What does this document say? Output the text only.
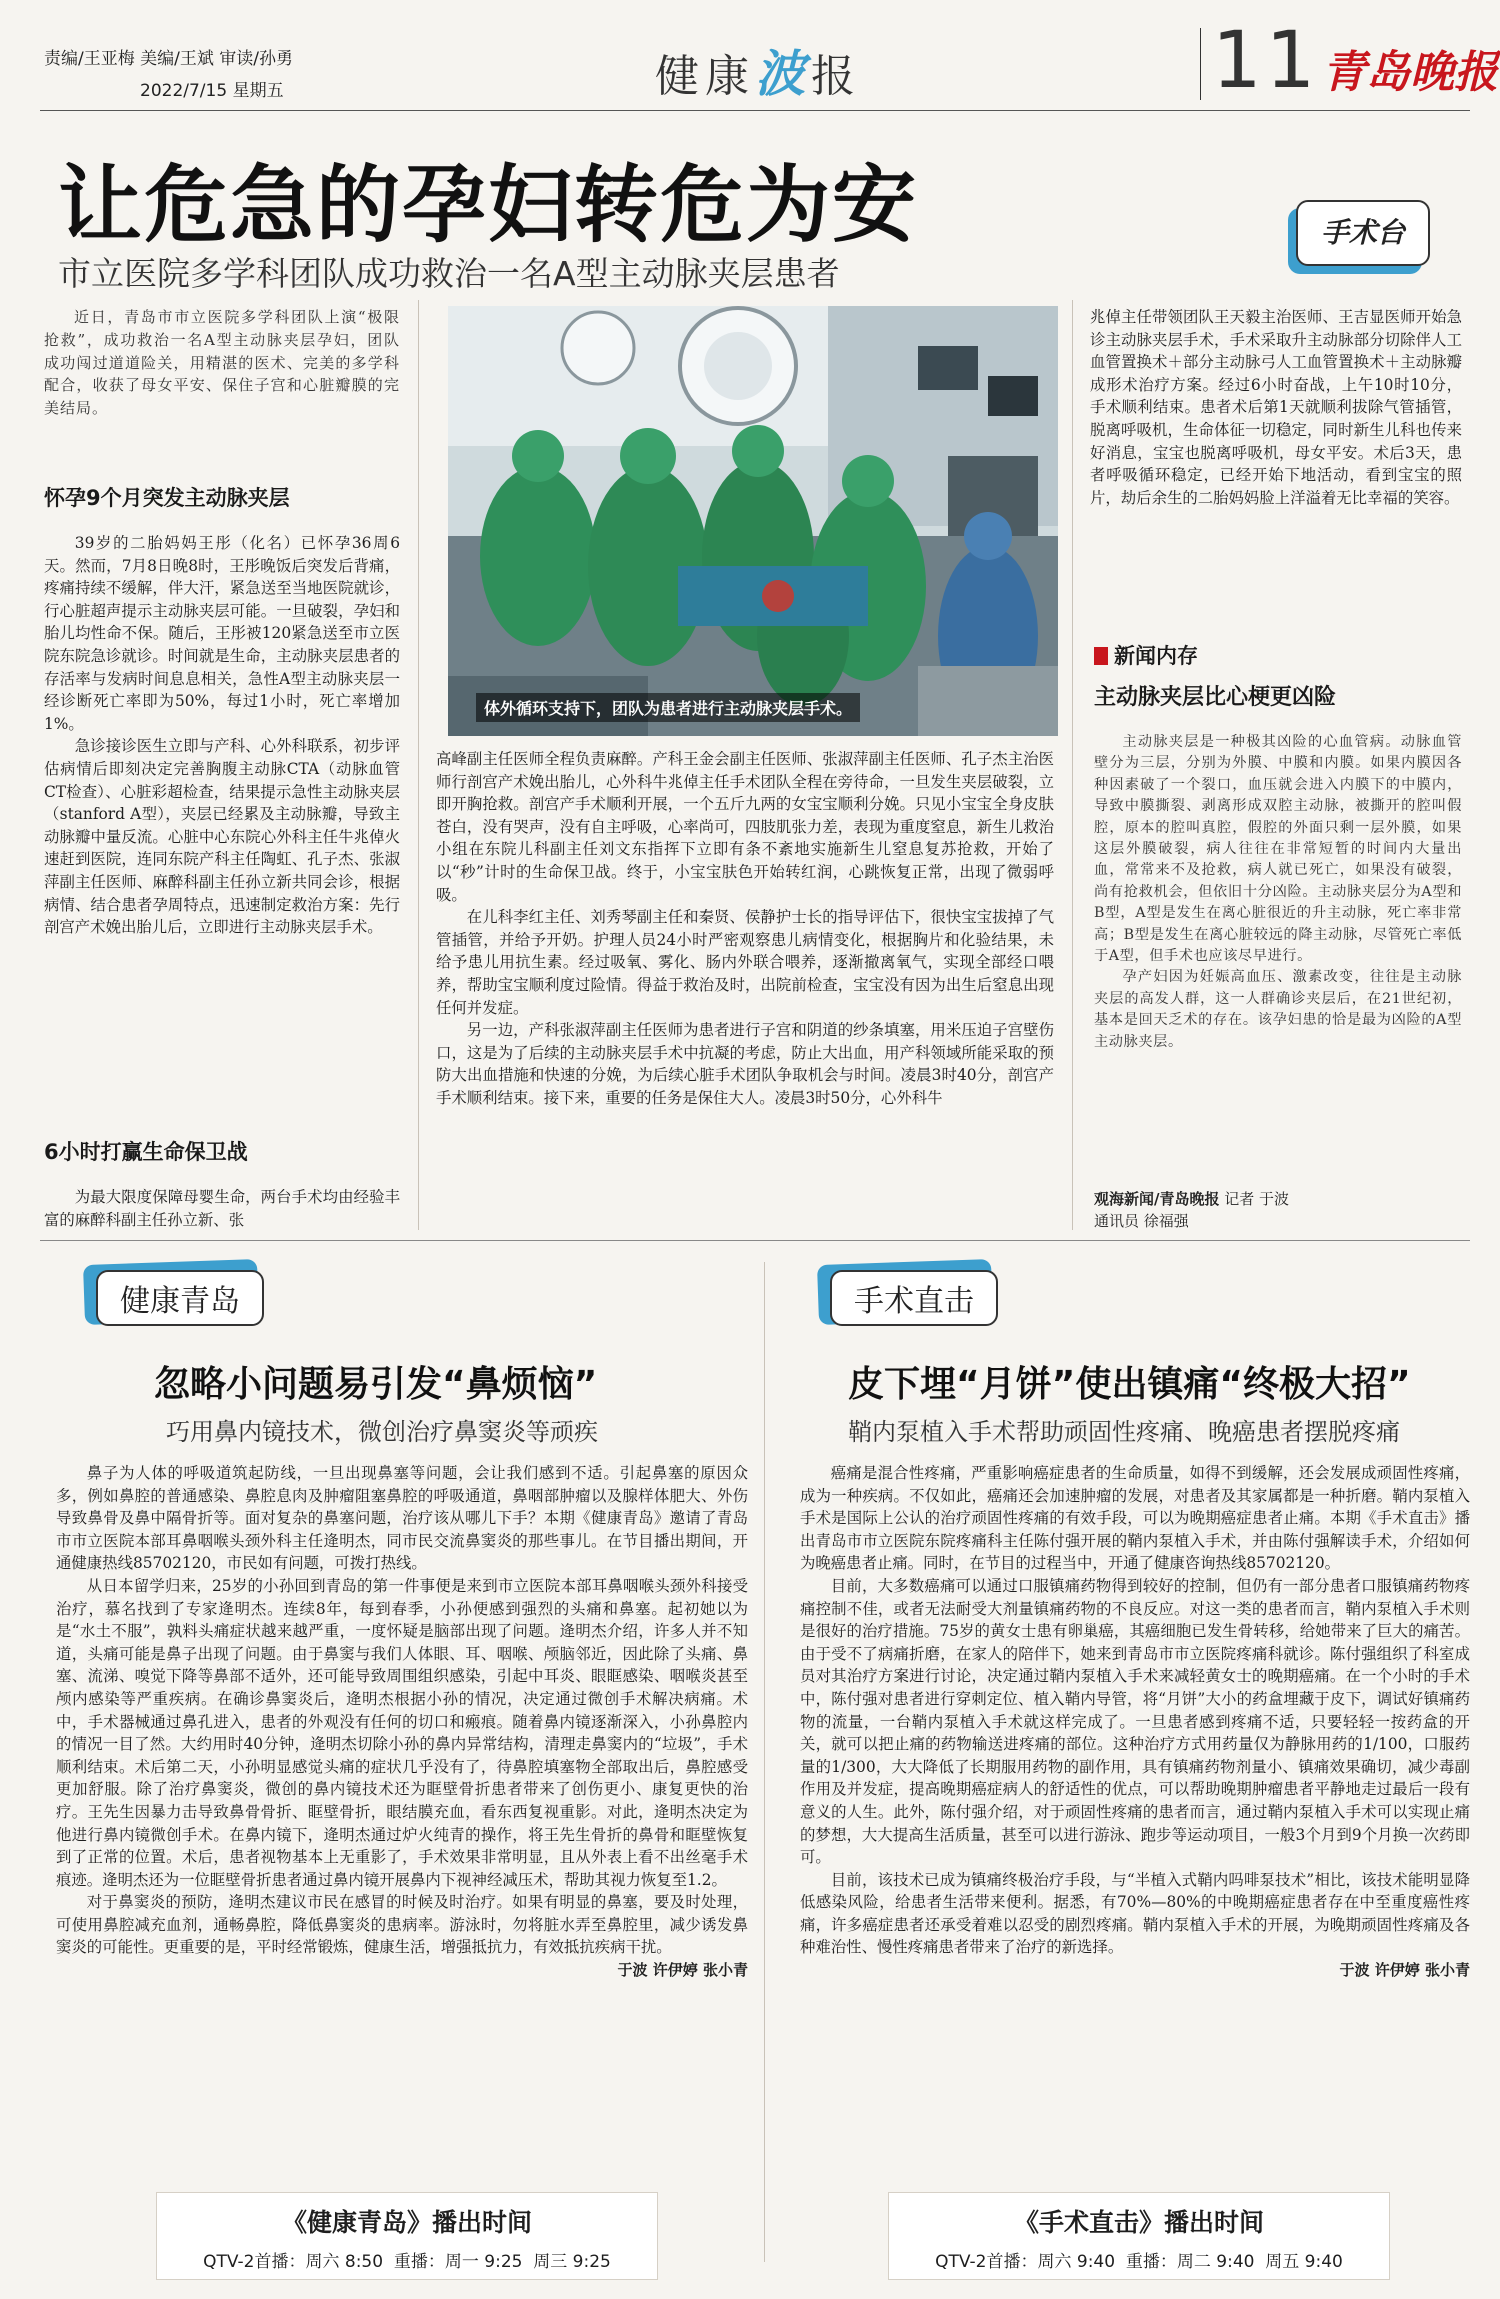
责编/王亚梅 美编/王斌 审读/孙勇
2022/7/15 星期五	健康波报	11 青岛晚报
让危急的孕妇转危为安
市立医院多学科团队成功救治一名A型主动脉夹层患者
手术台

近日，青岛市市立医院多学科团队上演“极限抢救”，成功救治一名A型主动脉夹层孕妇，团队成功闯过道道险关，用精湛的医术、完美的多学科配合，收获了母女平安、保住子宫和心脏瓣膜的完美结局。

怀孕9个月突发主动脉夹层

39岁的二胎妈妈王彤（化名）已怀孕36周6天。然而，7月8日晚8时，王彤晚饭后突发后背痛，疼痛持续不缓解，伴大汗，紧急送至当地医院就诊，行心脏超声提示主动脉夹层可能。一旦破裂，孕妇和胎儿均性命不保。随后，王彤被120紧急送至市立医院东院急诊就诊。时间就是生命，主动脉夹层患者的存活率与发病时间息息相关，急性A型主动脉夹层一经诊断死亡率即为50%，每过1小时，死亡率增加1%。

急诊接诊医生立即与产科、心外科联系，初步评估病情后即刻决定完善胸腹主动脉CTA（动脉血管CT检查）、心脏彩超检查，结果提示急性主动脉夹层（stanford A型），夹层已经累及主动脉瓣，导致主动脉瓣中量反流。心脏中心东院心外科主任牛兆倬火速赶到医院，连同东院产科主任陶虹、孔子杰、张淑萍副主任医师、麻醉科副主任孙立新共同会诊，根据病情、结合患者孕周特点，迅速制定救治方案：先行剖宫产术娩出胎儿后，立即进行主动脉夹层手术。

6小时打赢生命保卫战

为最大限度保障母婴生命，两台手术均由经验丰富的麻醉科副主任孙立新、张

体外循环支持下，团队为患者进行主动脉夹层手术。

高峰副主任医师全程负责麻醉。产科王金会副主任医师、张淑萍副主任医师、孔子杰主治医师行剖宫产术娩出胎儿，心外科牛兆倬主任手术团队全程在旁待命，一旦发生夹层破裂，立即开胸抢救。剖宫产手术顺利开展，一个五斤九两的女宝宝顺利分娩。只见小宝宝全身皮肤苍白，没有哭声，没有自主呼吸，心率尚可，四肢肌张力差，表现为重度窒息，新生儿救治小组在东院儿科副主任刘文东指挥下立即有条不紊地实施新生儿窒息复苏抢救，开始了以“秒”计时的生命保卫战。终于，小宝宝肤色开始转红润，心跳恢复正常，出现了微弱呼吸。

在儿科李红主任、刘秀琴副主任和秦贤、侯静护士长的指导评估下，很快宝宝拔掉了气管插管，并给予开奶。护理人员24小时严密观察患儿病情变化，根据胸片和化验结果，未给予患儿用抗生素。经过吸氧、雾化、肠内外联合喂养，逐渐撤离氧气，实现全部经口喂养，帮助宝宝顺利度过险情。得益于救治及时，出院前检查，宝宝没有因为出生后窒息出现任何并发症。

另一边，产科张淑萍副主任医师为患者进行子宫和阴道的纱条填塞，用米压迫子宫壁伤口，这是为了后续的主动脉夹层手术中抗凝的考虑，防止大出血，用产科领域所能采取的预防大出血措施和快速的分娩，为后续心脏手术团队争取机会与时间。凌晨3时40分，剖宫产手术顺利结束。接下来，重要的任务是保住大人。凌晨3时50分，心外科牛

兆倬主任带领团队王天毅主治医师、王吉显医师开始急诊主动脉夹层手术，手术采取升主动脉部分切除伴人工血管置换术＋部分主动脉弓人工血管置换术＋主动脉瓣成形术治疗方案。经过6小时奋战，上午10时10分，手术顺利结束。患者术后第1天就顺利拔除气管插管，脱离呼吸机，生命体征一切稳定，同时新生儿科也传来好消息，宝宝也脱离呼吸机，母女平安。术后3天，患者呼吸循环稳定，已经开始下地活动，看到宝宝的照片，劫后余生的二胎妈妈脸上洋溢着无比幸福的笑容。

新闻内存
主动脉夹层比心梗更凶险

主动脉夹层是一种极其凶险的心血管病。动脉血管壁分为三层，分别为外膜、中膜和内膜。如果内膜因各种因素破了一个裂口，血压就会进入内膜下的中膜内，导致中膜撕裂、剥离形成双腔主动脉，被撕开的腔叫假腔，原本的腔叫真腔，假腔的外面只剩一层外膜，如果这层外膜破裂，病人往往在非常短暂的时间内大量出血，常常来不及抢救，病人就已死亡，如果没有破裂，尚有抢救机会，但依旧十分凶险。主动脉夹层分为A型和B型，A型是发生在离心脏很近的升主动脉，死亡率非常高；B型是发生在离心脏较远的降主动脉，尽管死亡率低于A型，但手术也应该尽早进行。

孕产妇因为妊娠高血压、激素改变，往往是主动脉夹层的高发人群，这一人群确诊夹层后，在21世纪初，基本是回天乏术的存在。该孕妇患的恰是最为凶险的A型主动脉夹层。

观海新闻/青岛晚报 记者 于波
通讯员 徐福强
健康青岛
忽略小问题易引发“鼻烦恼”
巧用鼻内镜技术，微创治疗鼻窦炎等顽疾

鼻子为人体的呼吸道筑起防线，一旦出现鼻塞等问题，会让我们感到不适。引起鼻塞的原因众多，例如鼻腔的普通感染、鼻腔息肉及肿瘤阻塞鼻腔的呼吸通道，鼻咽部肿瘤以及腺样体肥大、外伤导致鼻骨及鼻中隔骨折等。面对复杂的鼻塞问题，治疗该从哪儿下手？本期《健康青岛》邀请了青岛市市立医院本部耳鼻咽喉头颈外科主任逄明杰，同市民交流鼻窦炎的那些事儿。在节目播出期间，开通健康热线85702120，市民如有问题，可拨打热线。

从日本留学归来，25岁的小孙回到青岛的第一件事便是来到市立医院本部耳鼻咽喉头颈外科接受治疗，慕名找到了专家逄明杰。连续8年，每到春季，小孙便感到强烈的头痛和鼻塞。起初她以为是“水土不服”，孰料头痛症状越来越严重，一度怀疑是脑部出现了问题。逄明杰介绍，许多人并不知道，头痛可能是鼻子出现了问题。由于鼻窦与我们人体眼、耳、咽喉、颅脑邻近，因此除了头痛、鼻塞、流涕、嗅觉下降等鼻部不适外，还可能导致周围组织感染，引起中耳炎、眼眶感染、咽喉炎甚至颅内感染等严重疾病。在确诊鼻窦炎后，逄明杰根据小孙的情况，决定通过微创手术解决病痛。术中，手术器械通过鼻孔进入，患者的外观没有任何的切口和瘢痕。随着鼻内镜逐渐深入，小孙鼻腔内的情况一目了然。大约用时40分钟，逄明杰切除小孙的鼻内异常结构，清理走鼻窦内的“垃圾”，手术顺利结束。术后第二天，小孙明显感觉头痛的症状几乎没有了，待鼻腔填塞物全部取出后，鼻腔感受更加舒服。除了治疗鼻窦炎，微创的鼻内镜技术还为眶壁骨折患者带来了创伤更小、康复更快的治疗。王先生因暴力击导致鼻骨骨折、眶壁骨折，眼结膜充血，看东西复视重影。对此，逄明杰决定为他进行鼻内镜微创手术。在鼻内镜下，逄明杰通过炉火纯青的操作，将王先生骨折的鼻骨和眶壁恢复到了正常的位置。术后，患者视物基本上无重影了，手术效果非常明显，且从外表上看不出丝毫手术痕迹。逄明杰还为一位眶壁骨折患者通过鼻内镜开展鼻内下视神经减压术，帮助其视力恢复至1.2。

对于鼻窦炎的预防，逄明杰建议市民在感冒的时候及时治疗。如果有明显的鼻塞，要及时处理，可使用鼻腔减充血剂，通畅鼻腔，降低鼻窦炎的患病率。游泳时，勿将脏水弄至鼻腔里，减少诱发鼻窦炎的可能性。更重要的是，平时经常锻炼，健康生活，增强抵抗力，有效抵抗疾病干扰。

于波 许伊婷 张小青
手术直击
皮下埋“月饼”使出镇痛“终极大招”
鞘内泵植入手术帮助顽固性疼痛、晚癌患者摆脱疼痛

癌痛是混合性疼痛，严重影响癌症患者的生命质量，如得不到缓解，还会发展成顽固性疼痛，成为一种疾病。不仅如此，癌痛还会加速肿瘤的发展，对患者及其家属都是一种折磨。鞘内泵植入手术是国际上公认的治疗顽固性疼痛的有效手段，可以为晚期癌症患者止痛。本期《手术直击》播出青岛市市立医院东院疼痛科主任陈付强开展的鞘内泵植入手术，并由陈付强解读手术，介绍如何为晚癌患者止痛。同时，在节目的过程当中，开通了健康咨询热线85702120。

目前，大多数癌痛可以通过口服镇痛药物得到较好的控制，但仍有一部分患者口服镇痛药物疼痛控制不佳，或者无法耐受大剂量镇痛药物的不良反应。对这一类的患者而言，鞘内泵植入手术则是很好的治疗措施。75岁的黄女士患有卵巢癌，其癌细胞已发生骨转移，给她带来了巨大的痛苦。由于受不了病痛折磨，在家人的陪伴下，她来到青岛市市立医院疼痛科就诊。陈付强组织了科室成员对其治疗方案进行讨论，决定通过鞘内泵植入手术来减轻黄女士的晚期癌痛。在一个小时的手术中，陈付强对患者进行穿刺定位、植入鞘内导管，将“月饼”大小的药盒埋藏于皮下，调试好镇痛药物的流量，一台鞘内泵植入手术就这样完成了。一旦患者感到疼痛不适，只要轻轻一按药盒的开关，就可以把止痛的药物输送进疼痛的部位。这种治疗方式用药量仅为静脉用药的1/100，口服药量的1/300，大大降低了长期服用药物的副作用，具有镇痛药物剂量小、镇痛效果确切，减少毒副作用及并发症，提高晚期癌症病人的舒适性的优点，可以帮助晚期肿瘤患者平静地走过最后一段有意义的人生。此外，陈付强介绍，对于顽固性疼痛的患者而言，通过鞘内泵植入手术可以实现止痛的梦想，大大提高生活质量，甚至可以进行游泳、跑步等运动项目，一般3个月到9个月换一次药即可。

目前，该技术已成为镇痛终极治疗手段，与“半植入式鞘内吗啡泵技术”相比，该技术能明显降低感染风险，给患者生活带来便利。据悉，有70%—80%的中晚期癌症患者存在中至重度癌性疼痛，许多癌症患者还承受着难以忍受的剧烈疼痛。鞘内泵植入手术的开展，为晚期顽固性疼痛及各种难治性、慢性疼痛患者带来了治疗的新选择。

于波 许伊婷 张小青
《健康青岛》播出时间
QTV-2首播：周六 8:50  重播：周一 9:25  周三 9:25
《手术直击》播出时间
QTV-2首播：周六 9:40  重播：周二 9:40  周五 9:40
